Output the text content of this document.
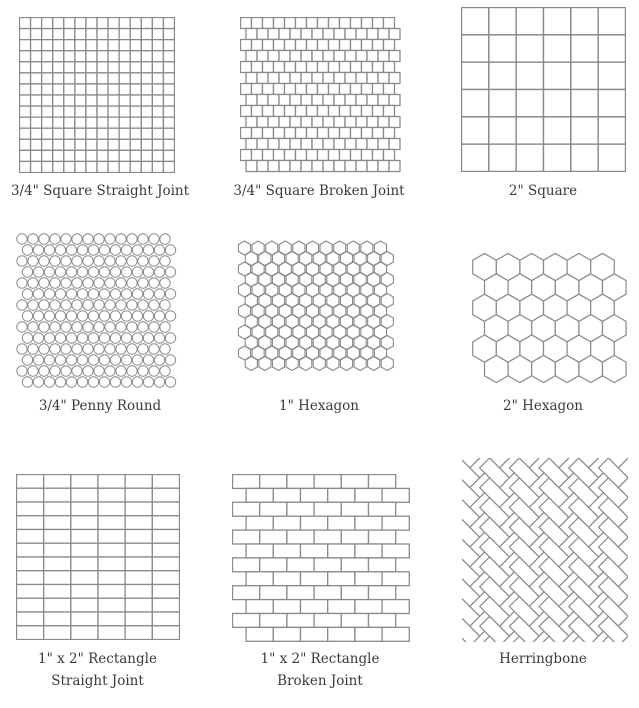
3/4" Square Straight Joint	3/4" Square Broken Joint	2" Square
3/4" Penny Round	1" Hexagon	2" Hexagon
1" x 2" Rectangle
Straight Joint
1" x 2" Rectangle
Broken Joint
Herringbone
